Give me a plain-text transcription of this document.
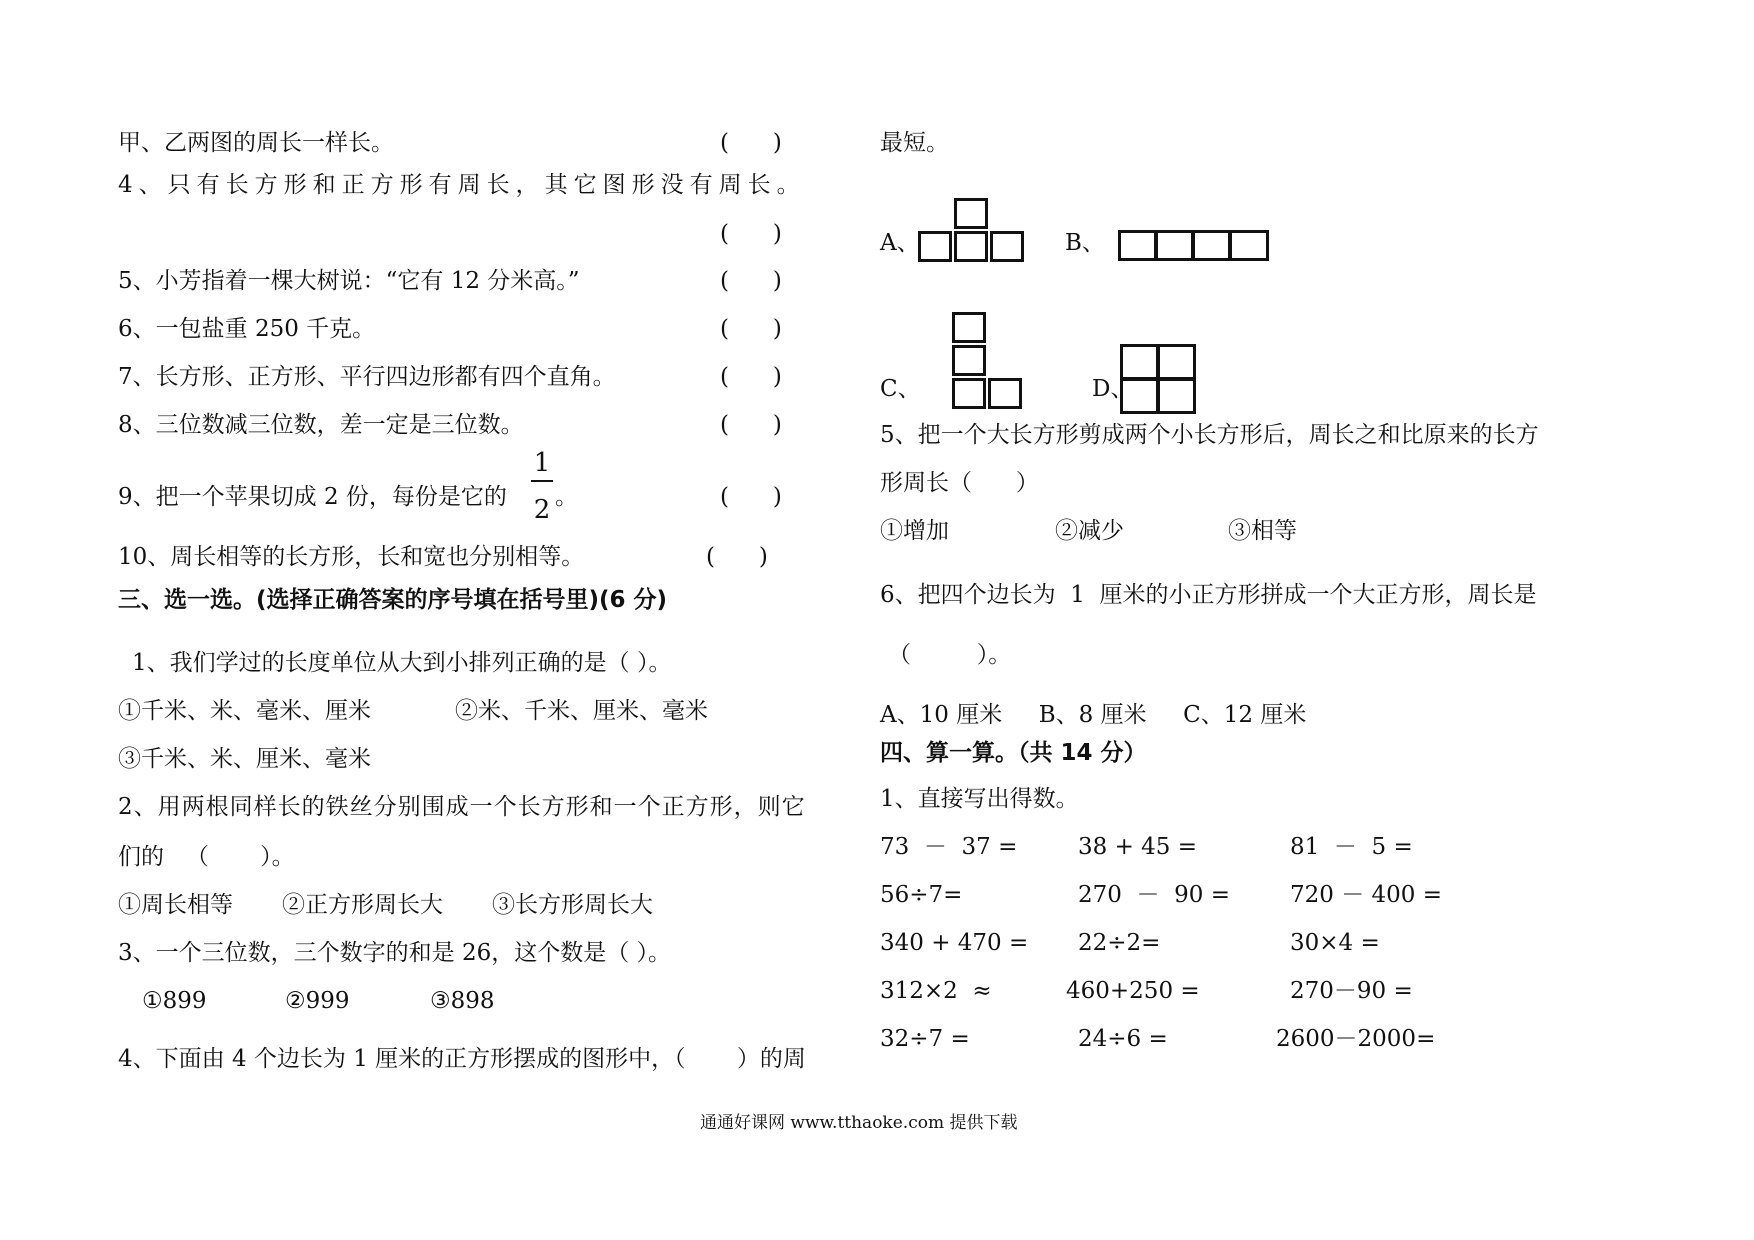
甲、乙两图的周长一样长。	(      )
4、只有长方形和正方形有周长，其它图形没有周长。
(      )
5、小芳指着一棵大树说：“它有 12 分米高。”	(      )
6、一包盐重 250 千克。	(      )
7、长方形、正方形、平行四边形都有四个直角。	(      )
8、三位数减三位数，差一定是三位数。	(      )
9、把一个苹果切成 2 份，每份是它的
1
2 。	(      )
10、周长相等的长方形，长和宽也分别相等。	(      )
三、选一选。(选择正确答案的序号填在括号里)(6 分)
1、我们学过的长度单位从大到小排列正确的是（ ）。
①千米、米、毫米、厘米	②米、千米、厘米、毫米
③千米、米、厘米、毫米
2、用两根同样长的铁丝分别围成一个长方形和一个正方形，则它
们的   （       ）。
①周长相等 ②正方形周长大 ③长方形周长大
3、一个三位数，三个数字的和是 26，这个数是（ ）。
①899	②999	③898
4、下面由 4 个边长为 1 厘米的正方形摆成的图形中，（       ）的周
最短。
A、	B、
C、	D、
5、把一个大长方形剪成两个小长方形后，周长之和比原来的长方
形周长（      ）
①增加	②减少	③相等
6、把四个边长为  1  厘米的小正方形拼成一个大正方形，周长是
（         ）。
A、10 厘米     B、8 厘米     C、12 厘米
四、算一算。（共 14 分）
1、直接写出得数。
73  －  37 =	38 + 45 =	81  －  5 =
56÷7=	270  －  90 =	720 － 400 =
340 + 470 = 22÷2=	30×4 =
312×2  ≈	460+250 =	270－90 =
32÷7 =	24÷6 =	2600－2000=
通通好课网 www.tthaoke.com 提供下载
